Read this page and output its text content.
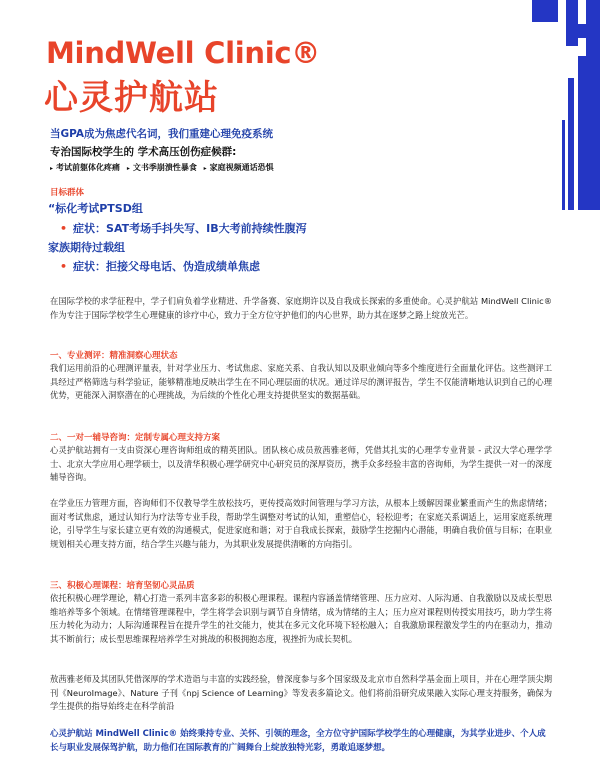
MindWell Clinic®
心灵护航站

当GPA成为焦虑代名词，我们重建心理免疫系统

专治国际校学生的 学术高压创伤症候群:

▸ 考试前躯体化疼痛 ▸ 文书季崩溃性暴食 ▸ 家庭视频通话恐惧

目标群体

“标化考试PTSD组

• 症状：SAT考场手抖失写、IB大考前持续性腹泻

家族期待过载组

• 症状：拒接父母电话、伪造成绩单焦虑

在国际学校的求学征程中，学子们肩负着学业精进、升学备赛、家庭期许以及自我成长探索的多重使命。心灵护航站 MindWell Clinic® 作为专注于国际学校学生心理健康的诊疗中心，致力于全方位守护他们的内心世界，助力其在逐梦之路上绽放光芒。

一、专业测评：精准洞察心理状态

我们运用前沿的心理测评量表，针对学业压力、考试焦虑、家庭关系、自我认知以及职业倾向等多个维度进行全面量化评估。这些测评工具经过严格筛选与科学验证，能够精准地反映出学生在不同心理层面的状况。通过详尽的测评报告，学生不仅能清晰地认识到自己的心理优势，更能深入洞察潜在的心理挑战，为后续的个性化心理支持提供坚实的数据基础。

二、一对一辅导咨询：定制专属心理支持方案

心灵护航站拥有一支由资深心理咨询师组成的精英团队。团队核心成员敖茜雅老师，凭借其扎实的心理学专业背景 - 武汉大学心理学学士、北京大学应用心理学硕士，以及清华积极心理学研究中心研究员的深厚资历，携手众多经验丰富的咨询师，为学生提供一对一的深度辅导咨询。

在学业压力管理方面，咨询师们不仅教导学生放松技巧，更传授高效时间管理与学习方法，从根本上缓解因课业繁重而产生的焦虑情绪；面对考试焦虑，通过认知行为疗法等专业手段，帮助学生调整对考试的认知，重塑信心，轻松迎考；在家庭关系调适上，运用家庭系统理论，引导学生与家长建立更有效的沟通模式，促进家庭和谐；对于自我成长探索，鼓励学生挖掘内心潜能，明确自我价值与目标；在职业规划相关心理支持方面，结合学生兴趣与能力，为其职业发展提供清晰的方向指引。

三、积极心理课程：培育坚韧心灵品质

依托积极心理学理论，精心打造一系列丰富多彩的积极心理课程。课程内容涵盖情绪管理、压力应对、人际沟通、自我激励以及成长型思维培养等多个领域。在情绪管理课程中，学生将学会识别与调节自身情绪，成为情绪的主人；压力应对课程则传授实用技巧，助力学生将压力转化为动力；人际沟通课程旨在提升学生的社交能力，使其在多元文化环境下轻松融入；自我激励课程激发学生的内在驱动力，推动其不断前行；成长型思维课程培养学生对挑战的积极拥抱态度，视挫折为成长契机。

敖茜雅老师及其团队凭借深厚的学术造诣与丰富的实践经验，曾深度参与多个国家级及北京市自然科学基金面上项目，并在心理学顶尖期刊《NeuroImage》、Nature 子刊《npj Science of Learning》等发表多篇论文。他们将前沿研究成果融入实际心理支持服务，确保为学生提供的指导始终走在科学前沿

心灵护航站 MindWell Clinic® 始终秉持专业、关怀、引领的理念，全方位守护国际学校学生的心理健康，为其学业进步、个人成长与职业发展保驾护航，助力他们在国际教育的广阔舞台上绽放独特光彩，勇敢追逐梦想。
